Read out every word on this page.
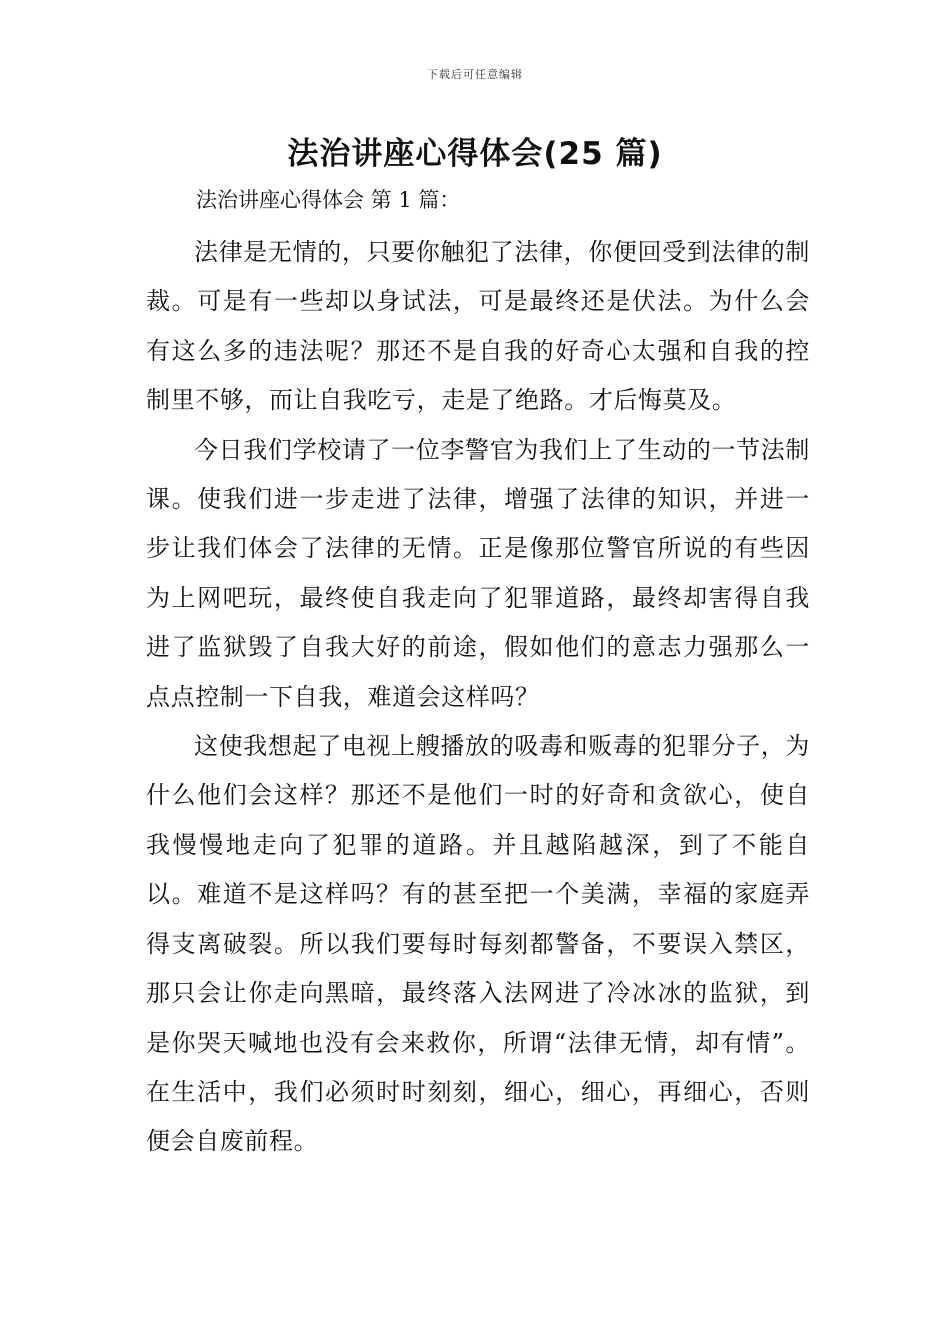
下载后可任意编辑
法治讲座心得体会(25 篇)
法治讲座心得体会 第 1 篇：

法律是无情的，只要你触犯了法律，你便回受到法律的制裁。可是有一些却以身试法，可是最终还是伏法。为什么会有这么多的违法呢？那还不是自我的好奇心太强和自我的控制里不够，而让自我吃亏，走是了绝路。才后悔莫及。

今日我们学校请了一位李警官为我们上了生动的一节法制课。使我们进一步走进了法律，增强了法律的知识，并进一步让我们体会了法律的无情。正是像那位警官所说的有些因为上网吧玩，最终使自我走向了犯罪道路，最终却害得自我进了监狱毁了自我大好的前途，假如他们的意志力强那么一点点控制一下自我，难道会这样吗？

这使我想起了电视上艘播放的吸毒和贩毒的犯罪分子，为什么他们会这样？那还不是他们一时的好奇和贪欲心，使自我慢慢地走向了犯罪的道路。并且越陷越深，到了不能自以。难道不是这样吗？有的甚至把一个美满，幸福的家庭弄得支离破裂。所以我们要每时每刻都警备，不要误入禁区，那只会让你走向黑暗，最终落入法网进了冷冰冰的监狱，到是你哭天喊地也没有会来救你，所谓“法律无情，却有情”。在生活中，我们必须时时刻刻，细心，细心，再细心，否则便会自废前程。
